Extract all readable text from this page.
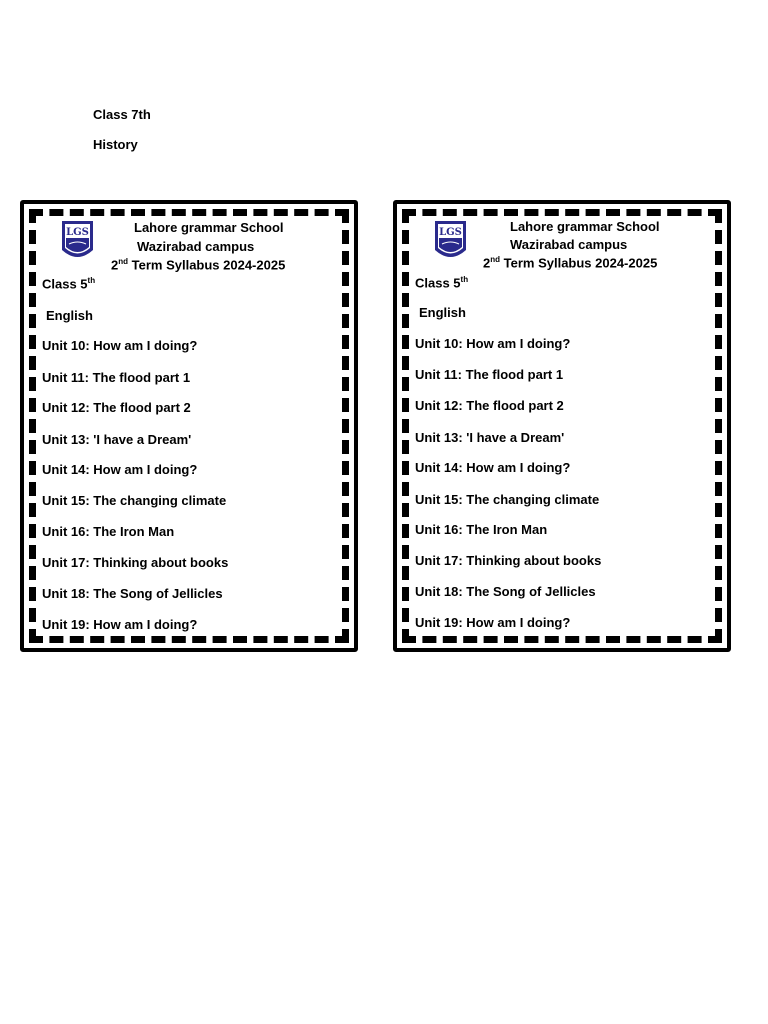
Class 7th
History
LGS	Lahore grammar School
Wazirabad campus
2nd Term Syllabus 2024-2025
Class 5th
English
Unit 10: How am I doing?
Unit 11: The flood part 1
Unit 12: The flood part 2
Unit 13: 'I have a Dream'
Unit 14: How am I doing?
Unit 15: The changing climate
Unit 16: The Iron Man
Unit 17: Thinking about books
Unit 18: The Song of Jellicles
Unit 19: How am I doing?
LGS	Lahore grammar School
Wazirabad campus
2nd Term Syllabus 2024-2025
Class 5th
English
Unit 10: How am I doing?
Unit 11: The flood part 1
Unit 12: The flood part 2
Unit 13: 'I have a Dream'
Unit 14: How am I doing?
Unit 15: The changing climate
Unit 16: The Iron Man
Unit 17: Thinking about books
Unit 18: The Song of Jellicles
Unit 19: How am I doing?
